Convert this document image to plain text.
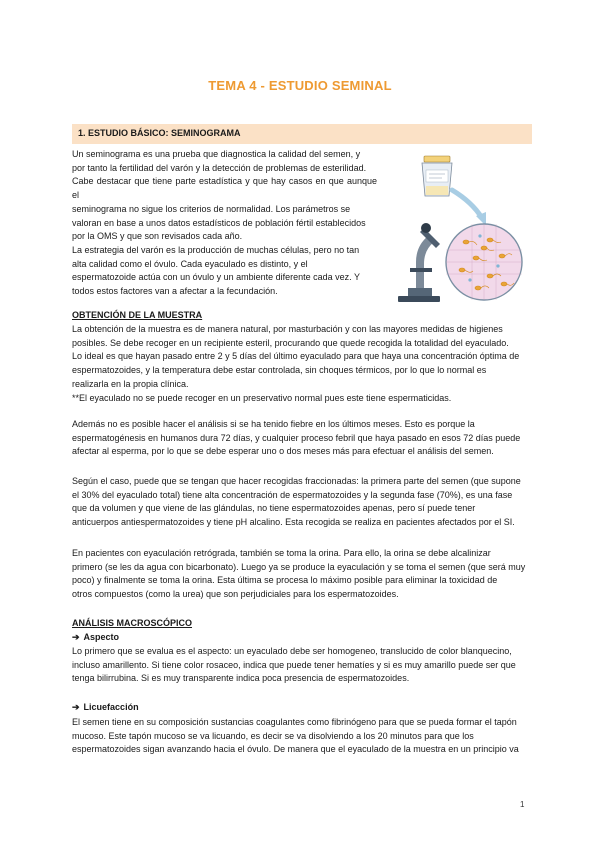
TEMA 4 - ESTUDIO SEMINAL
1. ESTUDIO BÁSICO: SEMINOGRAMA
Un seminograma es una prueba que diagnostica la calidad del semen, y
por tanto la fertilidad del varón y la detección de problemas de esterilidad.
Cabe destacar que tiene parte estadística y que hay casos en que aunque el
seminograma no sigue los criterios de normalidad. Los parámetros se
valoran en base a unos datos estadísticos de población fértil establecidos
por la OMS y que son revisados cada año.
La estrategia del varón es la producción de muchas células, pero no tan
alta calidad como el óvulo. Cada eyaculado es distinto, y el
espermatozoide actúa con un óvulo y un ambiente diferente cada vez. Y
todos estos factores van a afectar a la fecundación.
OBTENCIÓN DE LA MUESTRA
La obtención de la muestra es de manera natural, por masturbación y con las mayores medidas de higienes
posibles. Se debe recoger en un recipiente esteril, procurando que quede recogida la totalidad del eyaculado.
Lo ideal es que hayan pasado entre 2 y 5 días del último eyaculado para que haya una concentración óptima de
espermatozoides, y la temperatura debe estar controlada, sin choques térmicos, por lo que lo normal es
realizarla en la propia clínica.
**El eyaculado no se puede recoger en un preservativo normal pues este tiene espermaticidas.
Además no es posible hacer el análisis si se ha tenido fiebre en los últimos meses. Esto es porque la
espermatogénesis en humanos dura 72 días, y cualquier proceso febril que haya pasado en esos 72 días puede
afectar al esperma, por lo que se debe esperar uno o dos meses más para efectuar el análisis del semen.
Según el caso, puede que se tengan que hacer recogidas fraccionadas: la primera parte del semen (que supone
el 30% del eyaculado total) tiene alta concentración de espermatozoides y la segunda fase (70%), es una fase
que da volumen y que viene de las glándulas, no tiene espermatozoides apenas, pero sí puede tener
anticuerpos antiespermatozoides y tiene pH alcalino. Esta recogida se realiza en pacientes afectados por el SI.
En pacientes con eyaculación retrógrada, también se toma la orina. Para ello, la orina se debe alcalinizar
primero (se les da agua con bicarbonato). Luego ya se produce la eyaculación y se toma el semen (que será muy
poco) y finalmente se toma la orina. Esta última se procesa lo máximo posible para eliminar la toxicidad de
otros compuestos (como la urea) que son perjudiciales para los espermatozoides.
ANÁLISIS MACROSCÓPICO
➔ Aspecto
Lo primero que se evalua es el aspecto: un eyaculado debe ser homogeneo, translucido de color blanquecino,
incluso amarillento. Si tiene color rosaceo, indica que puede tener hematíes y si es muy amarillo puede ser que
tenga bilirrubina. Si es muy transparente indica poca presencia de espermatozoides.
➔ Licuefacción
El semen tiene en su composición sustancias coagulantes como fibrinógeno para que se pueda formar el tapón
mucoso. Este tapón mucoso se va licuando, es decir se va disolviendo a los 20 minutos para que los
espermatozoides sigan avanzando hacia el óvulo. De manera que el eyaculado de la muestra en un principio va
1
